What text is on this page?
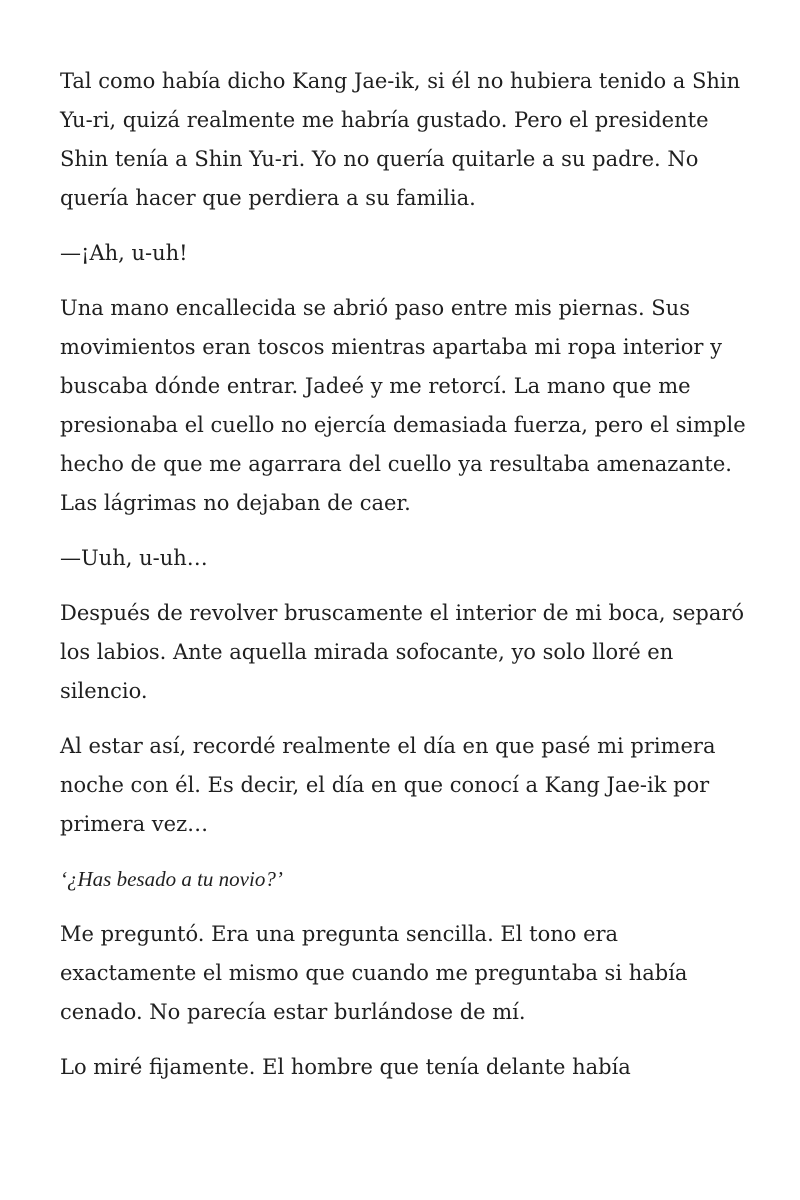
Tal como había dicho Kang Jae-ik, si él no hubiera tenido a Shin Yu-ri, quizá realmente me habría gustado. Pero el presidente Shin tenía a Shin Yu-ri. Yo no quería quitarle a su padre. No quería hacer que perdiera a su familia.

—¡Ah, u-uh!

Una mano encallecida se abrió paso entre mis piernas. Sus movimientos eran toscos mientras apartaba mi ropa interior y buscaba dónde entrar. Jadeé y me retorcí. La mano que me presionaba el cuello no ejercía demasiada fuerza, pero el simple hecho de que me agarrara del cuello ya resultaba amenazante. Las lágrimas no dejaban de caer.

—Uuh, u-uh…

Después de revolver bruscamente el interior de mi boca, separó los labios. Ante aquella mirada sofocante, yo solo lloré en silencio.

Al estar así, recordé realmente el día en que pasé mi primera noche con él. Es decir, el día en que conocí a Kang Jae-ik por primera vez…

‘¿Has besado a tu novio?’

Me preguntó. Era una pregunta sencilla. El tono era exactamente el mismo que cuando me preguntaba si había cenado. No parecía estar burlándose de mí.

Lo miré fijamente. El hombre que tenía delante había
